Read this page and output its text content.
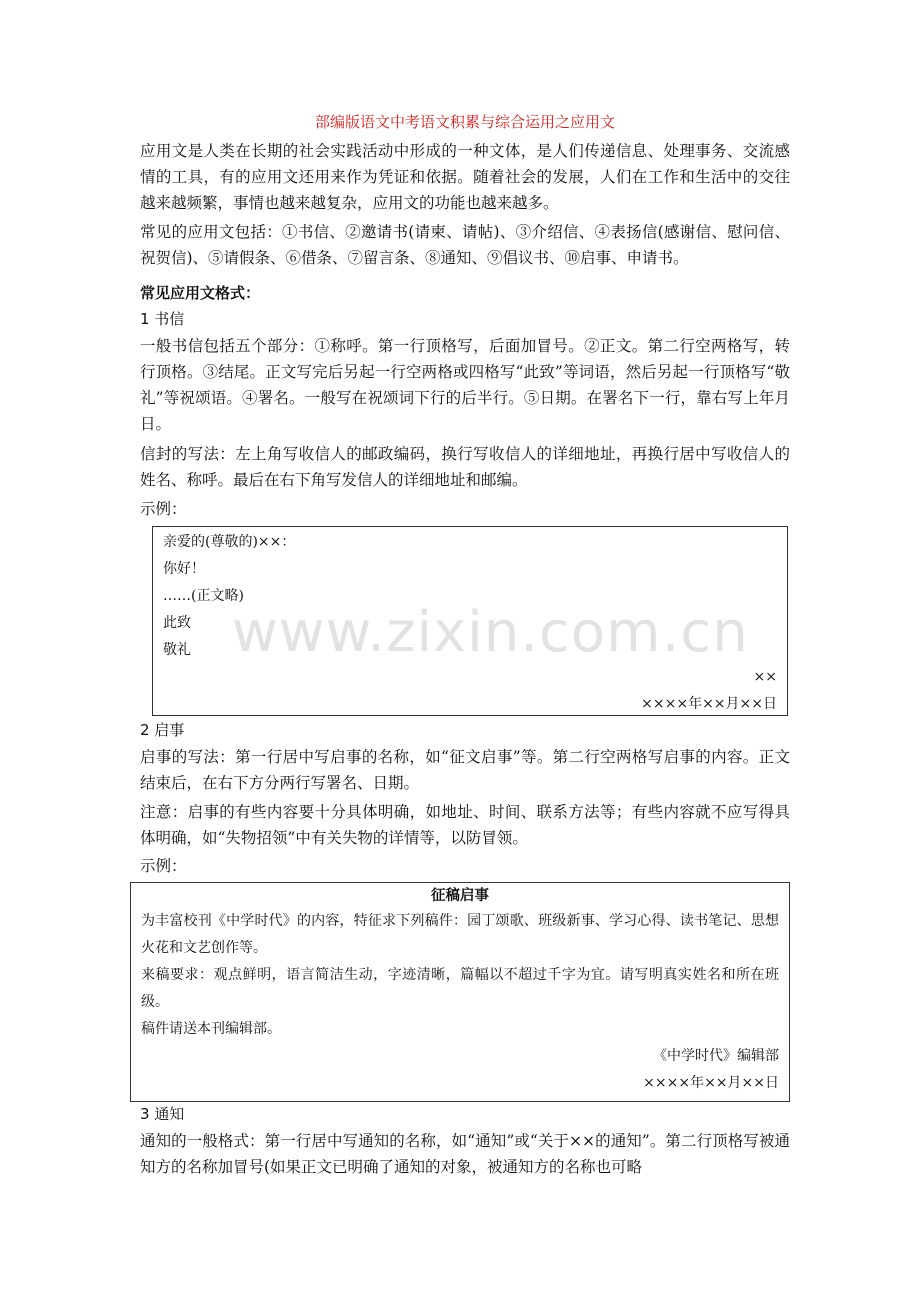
部编版语文中考语文积累与综合运用之应用文

应用文是人类在长期的社会实践活动中形成的一种文体，是人们传递信息、处理事务、交流感情的工具，有的应用文还用来作为凭证和依据。随着社会的发展，人们在工作和生活中的交往越来越频繁，事情也越来越复杂，应用文的功能也越来越多。

常见的应用文包括：①书信、②邀请书(请柬、请帖)、③介绍信、④表扬信(感谢信、慰问信、祝贺信)、⑤请假条、⑥借条、⑦留言条、⑧通知、⑨倡议书、⑩启事、申请书。

常见应用文格式：

1 书信

一般书信包括五个部分：①称呼。第一行顶格写，后面加冒号。②正文。第二行空两格写，转行顶格。③结尾。正文写完后另起一行空两格或四格写“此致”等词语，然后另起一行顶格写“敬礼”等祝颂语。④署名。一般写在祝颂词下行的后半行。⑤日期。在署名下一行，靠右写上年月日。

信封的写法：左上角写收信人的邮政编码，换行写收信人的详细地址，再换行居中写收信人的姓名、称呼。最后在右下角写发信人的详细地址和邮编。

示例：

亲爱的(尊敬的)××：
你好！
……(正文略)
此致
敬礼
××
××××年××月××日

2 启事

启事的写法：第一行居中写启事的名称，如“征文启事”等。第二行空两格写启事的内容。正文结束后，在右下方分两行写署名、日期。

注意：启事的有些内容要十分具体明确，如地址、时间、联系方法等；有些内容就不应写得具体明确，如“失物招领”中有关失物的详情等，以防冒领。

示例：

征稿启事
为丰富校刊《中学时代》的内容，特征求下列稿件：园丁颂歌、班级新事、学习心得、读书笔记、思想火花和文艺创作等。
来稿要求：观点鲜明，语言简洁生动，字迹清晰，篇幅以不超过千字为宜。请写明真实姓名和所在班级。
稿件请送本刊编辑部。
《中学时代》编辑部
××××年××月××日

3 通知

通知的一般格式：第一行居中写通知的名称，如“通知”或“关于××的通知”。第二行顶格写被通知方的名称加冒号(如果正文已明确了通知的对象，被通知方的名称也可略

www.zixin.com.cn
